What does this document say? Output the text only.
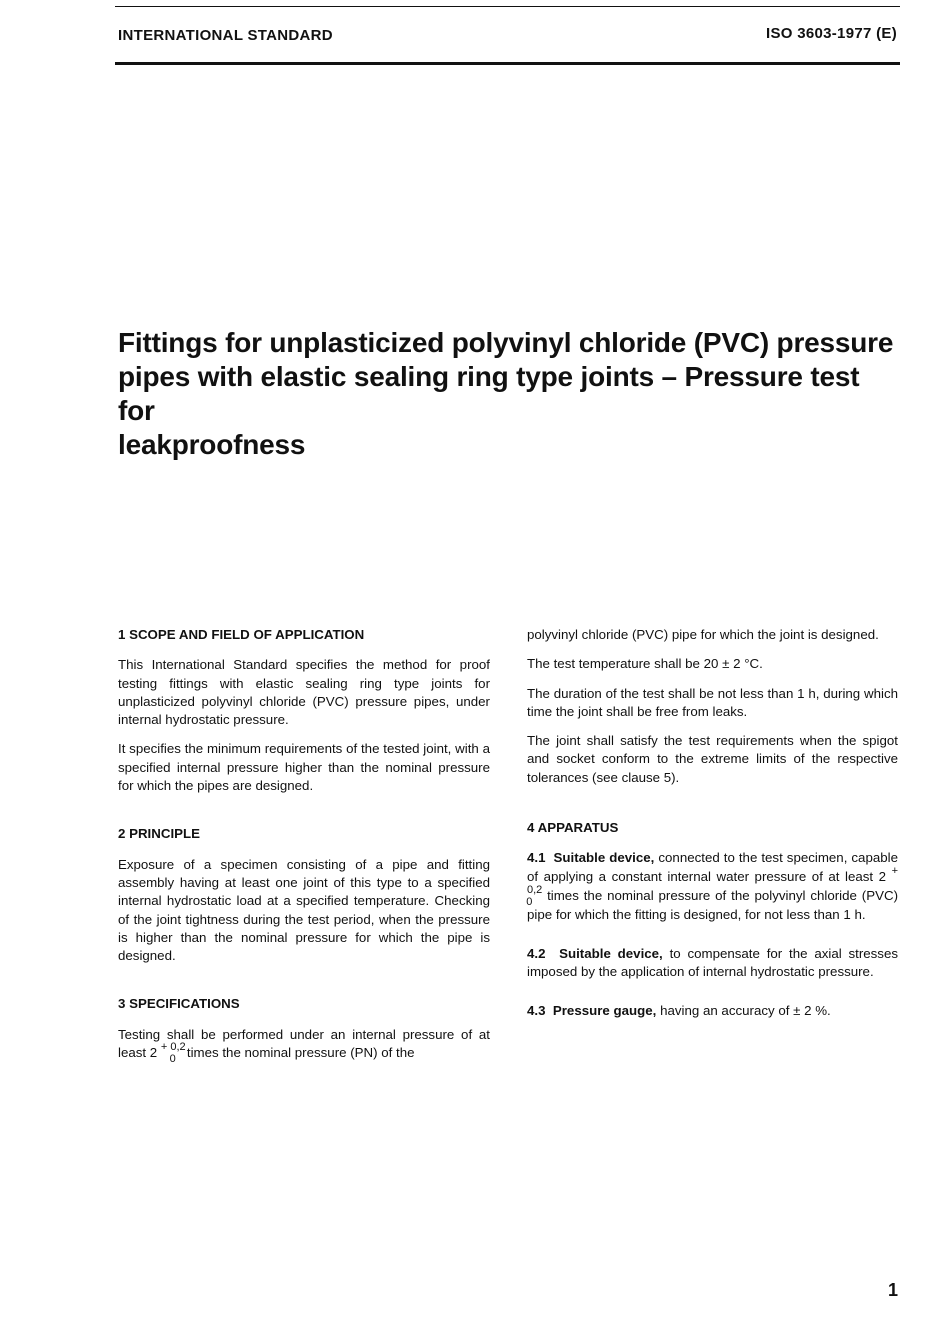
INTERNATIONAL STANDARD	ISO 3603-1977 (E)
Fittings for unplasticized polyvinyl chloride (PVC) pressure
pipes with elastic sealing ring type joints – Pressure test for
leakproofness
1 SCOPE AND FIELD OF APPLICATION

This International Standard specifies the method for proof testing fittings with elastic sealing ring type joints for unplasticized polyvinyl chloride (PVC) pressure pipes, under internal hydrostatic pressure.

It specifies the minimum requirements of the tested joint, with a specified internal pressure higher than the nominal pressure for which the pipes are designed.

2 PRINCIPLE

Exposure of a specimen consisting of a pipe and fitting assembly having at least one joint of this type to a specified internal hydrostatic load at a specified temperature. Checking of the joint tightness during the test period, when the pressure is higher than the nominal pressure for which the pipe is designed.

3 SPECIFICATIONS

Testing shall be performed under an internal pressure of at least 2 $^{+ 0,2}_0$ times the nominal pressure (PN) of the

polyvinyl chloride (PVC) pipe for which the joint is designed.

The test temperature shall be 20 ± 2 °C.

The duration of the test shall be not less than 1 h, during which time the joint shall be free from leaks.

The joint shall satisfy the test requirements when the spigot and socket conform to the extreme limits of the respective tolerances (see clause 5).

4 APPARATUS

4.1 Suitable device, connected to the test specimen, capable of applying a constant internal water pressure of at least 2 $^{+ 0,2}_0$ times the nominal pressure of the polyvinyl chloride (PVC) pipe for which the fitting is designed, for not less than 1 h.

4.2 Suitable device, to compensate for the axial stresses imposed by the application of internal hydrostatic pressure.

4.3 Pressure gauge, having an accuracy of ± 2 %.

1
